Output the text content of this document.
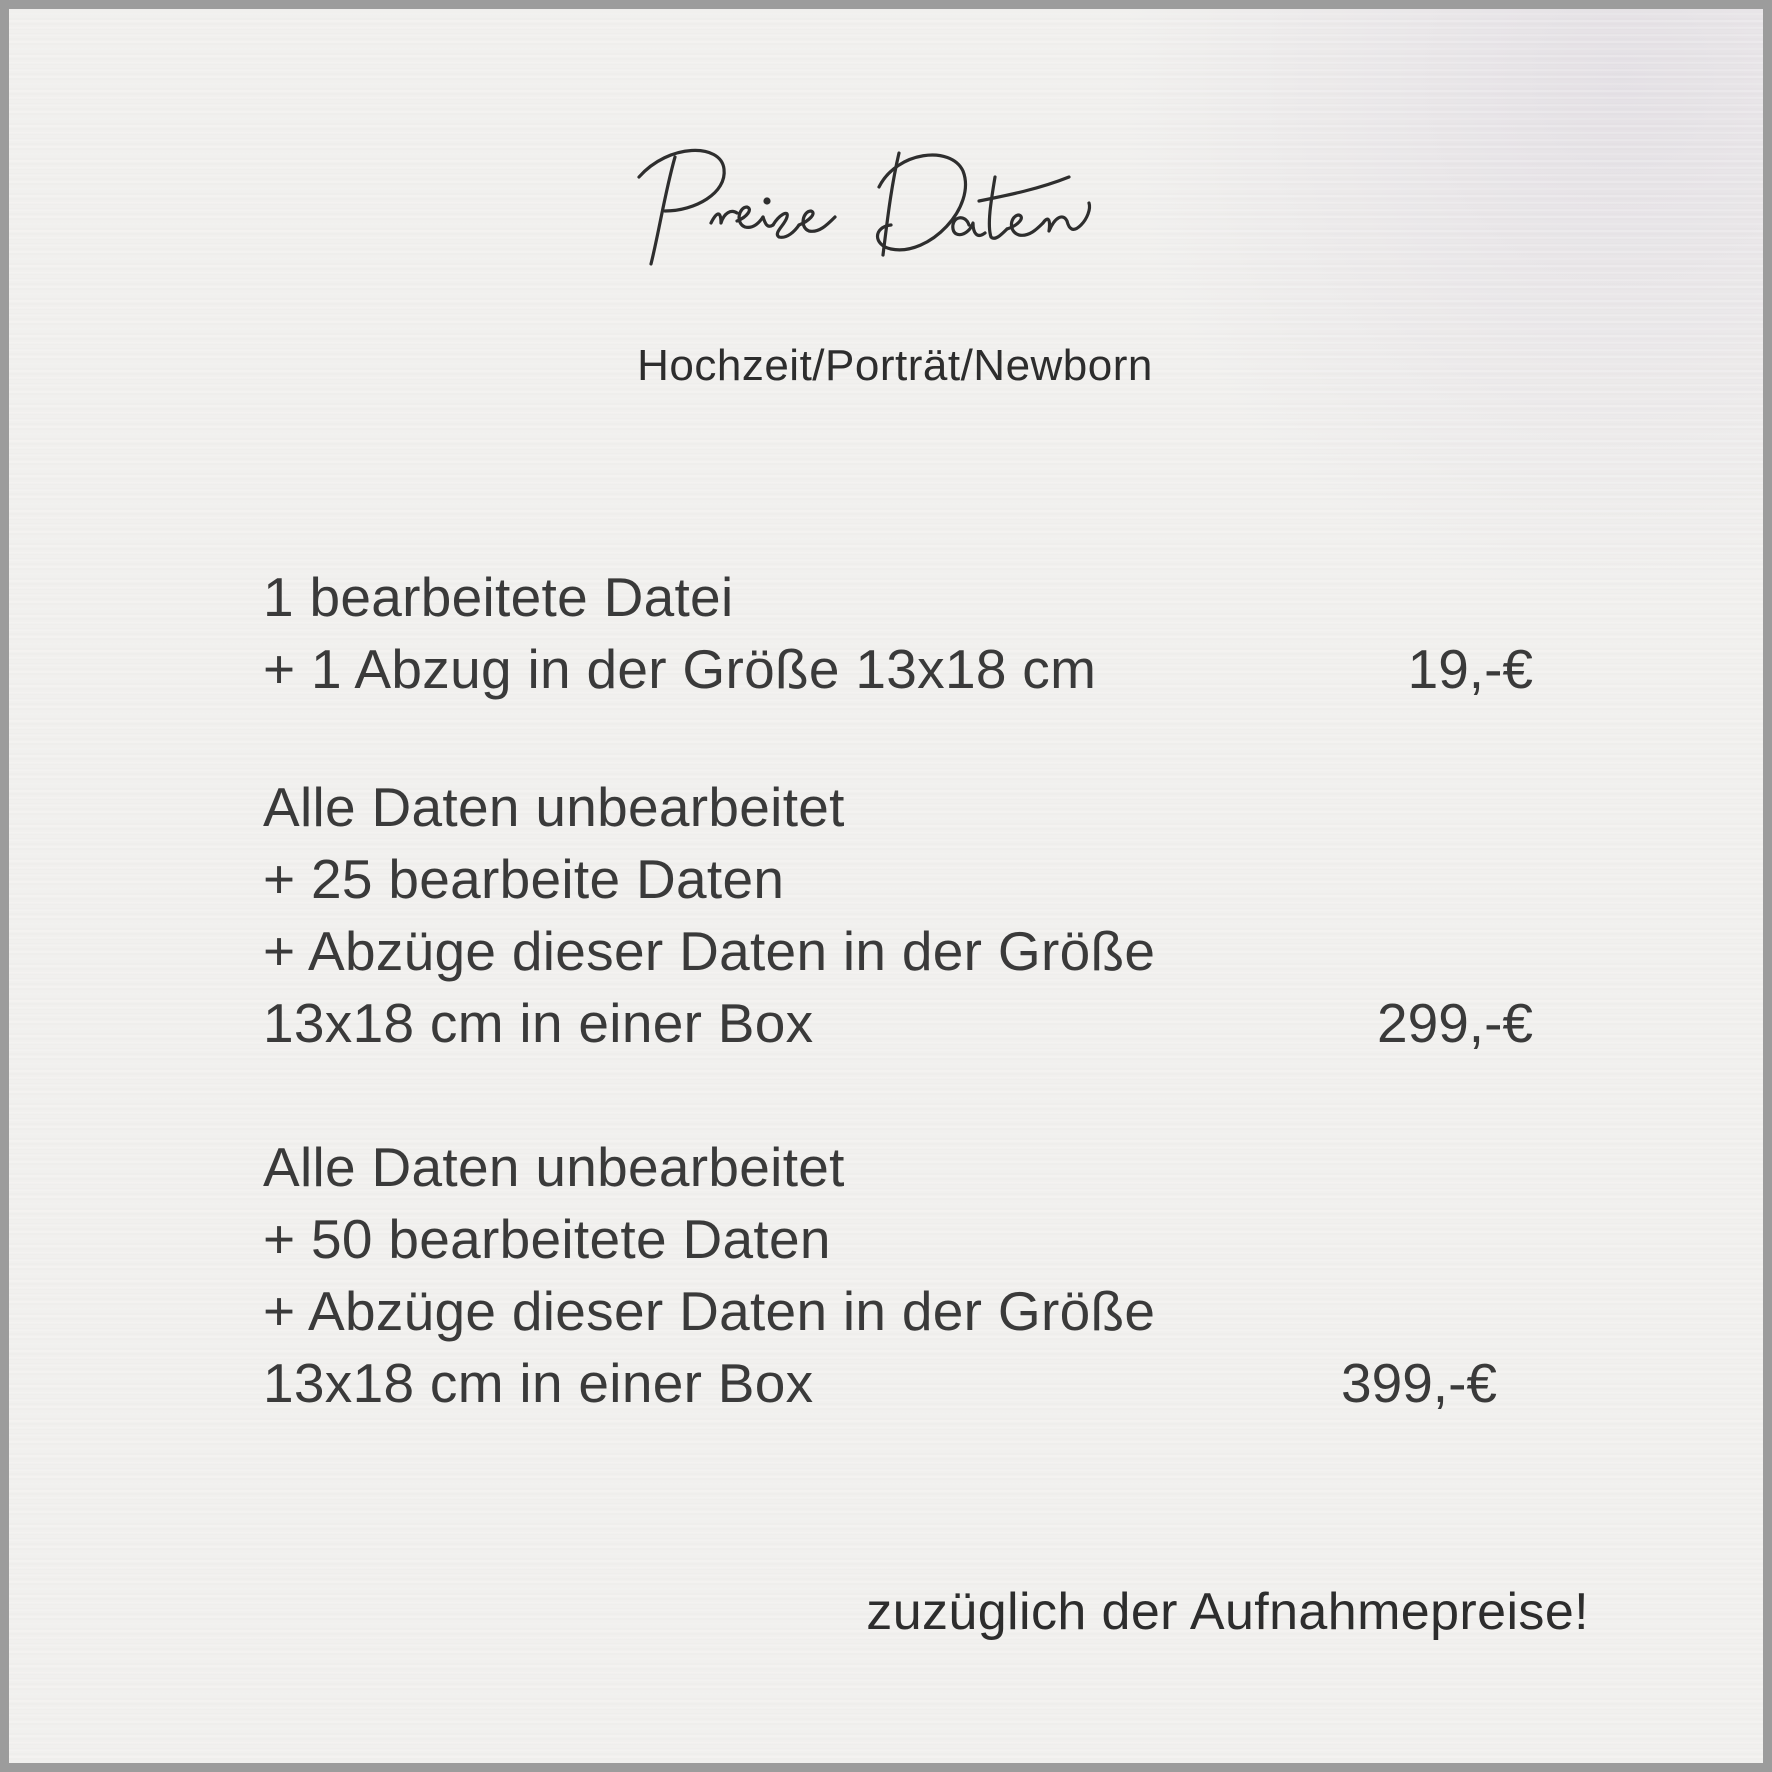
Hochzeit/Porträt/Newborn
1 bearbeitete Datei
+ 1 Abzug in der Größe 13x18 cm	19,-€
Alle Daten unbearbeitet
+ 25 bearbeite Daten
+ Abzüge dieser Daten in der Größe
13x18 cm in einer Box	299,-€
Alle Daten unbearbeitet
+ 50 bearbeitete Daten
+ Abzüge dieser Daten in der Größe
13x18 cm in einer Box	399,-€
zuzüglich der Aufnahmepreise!
